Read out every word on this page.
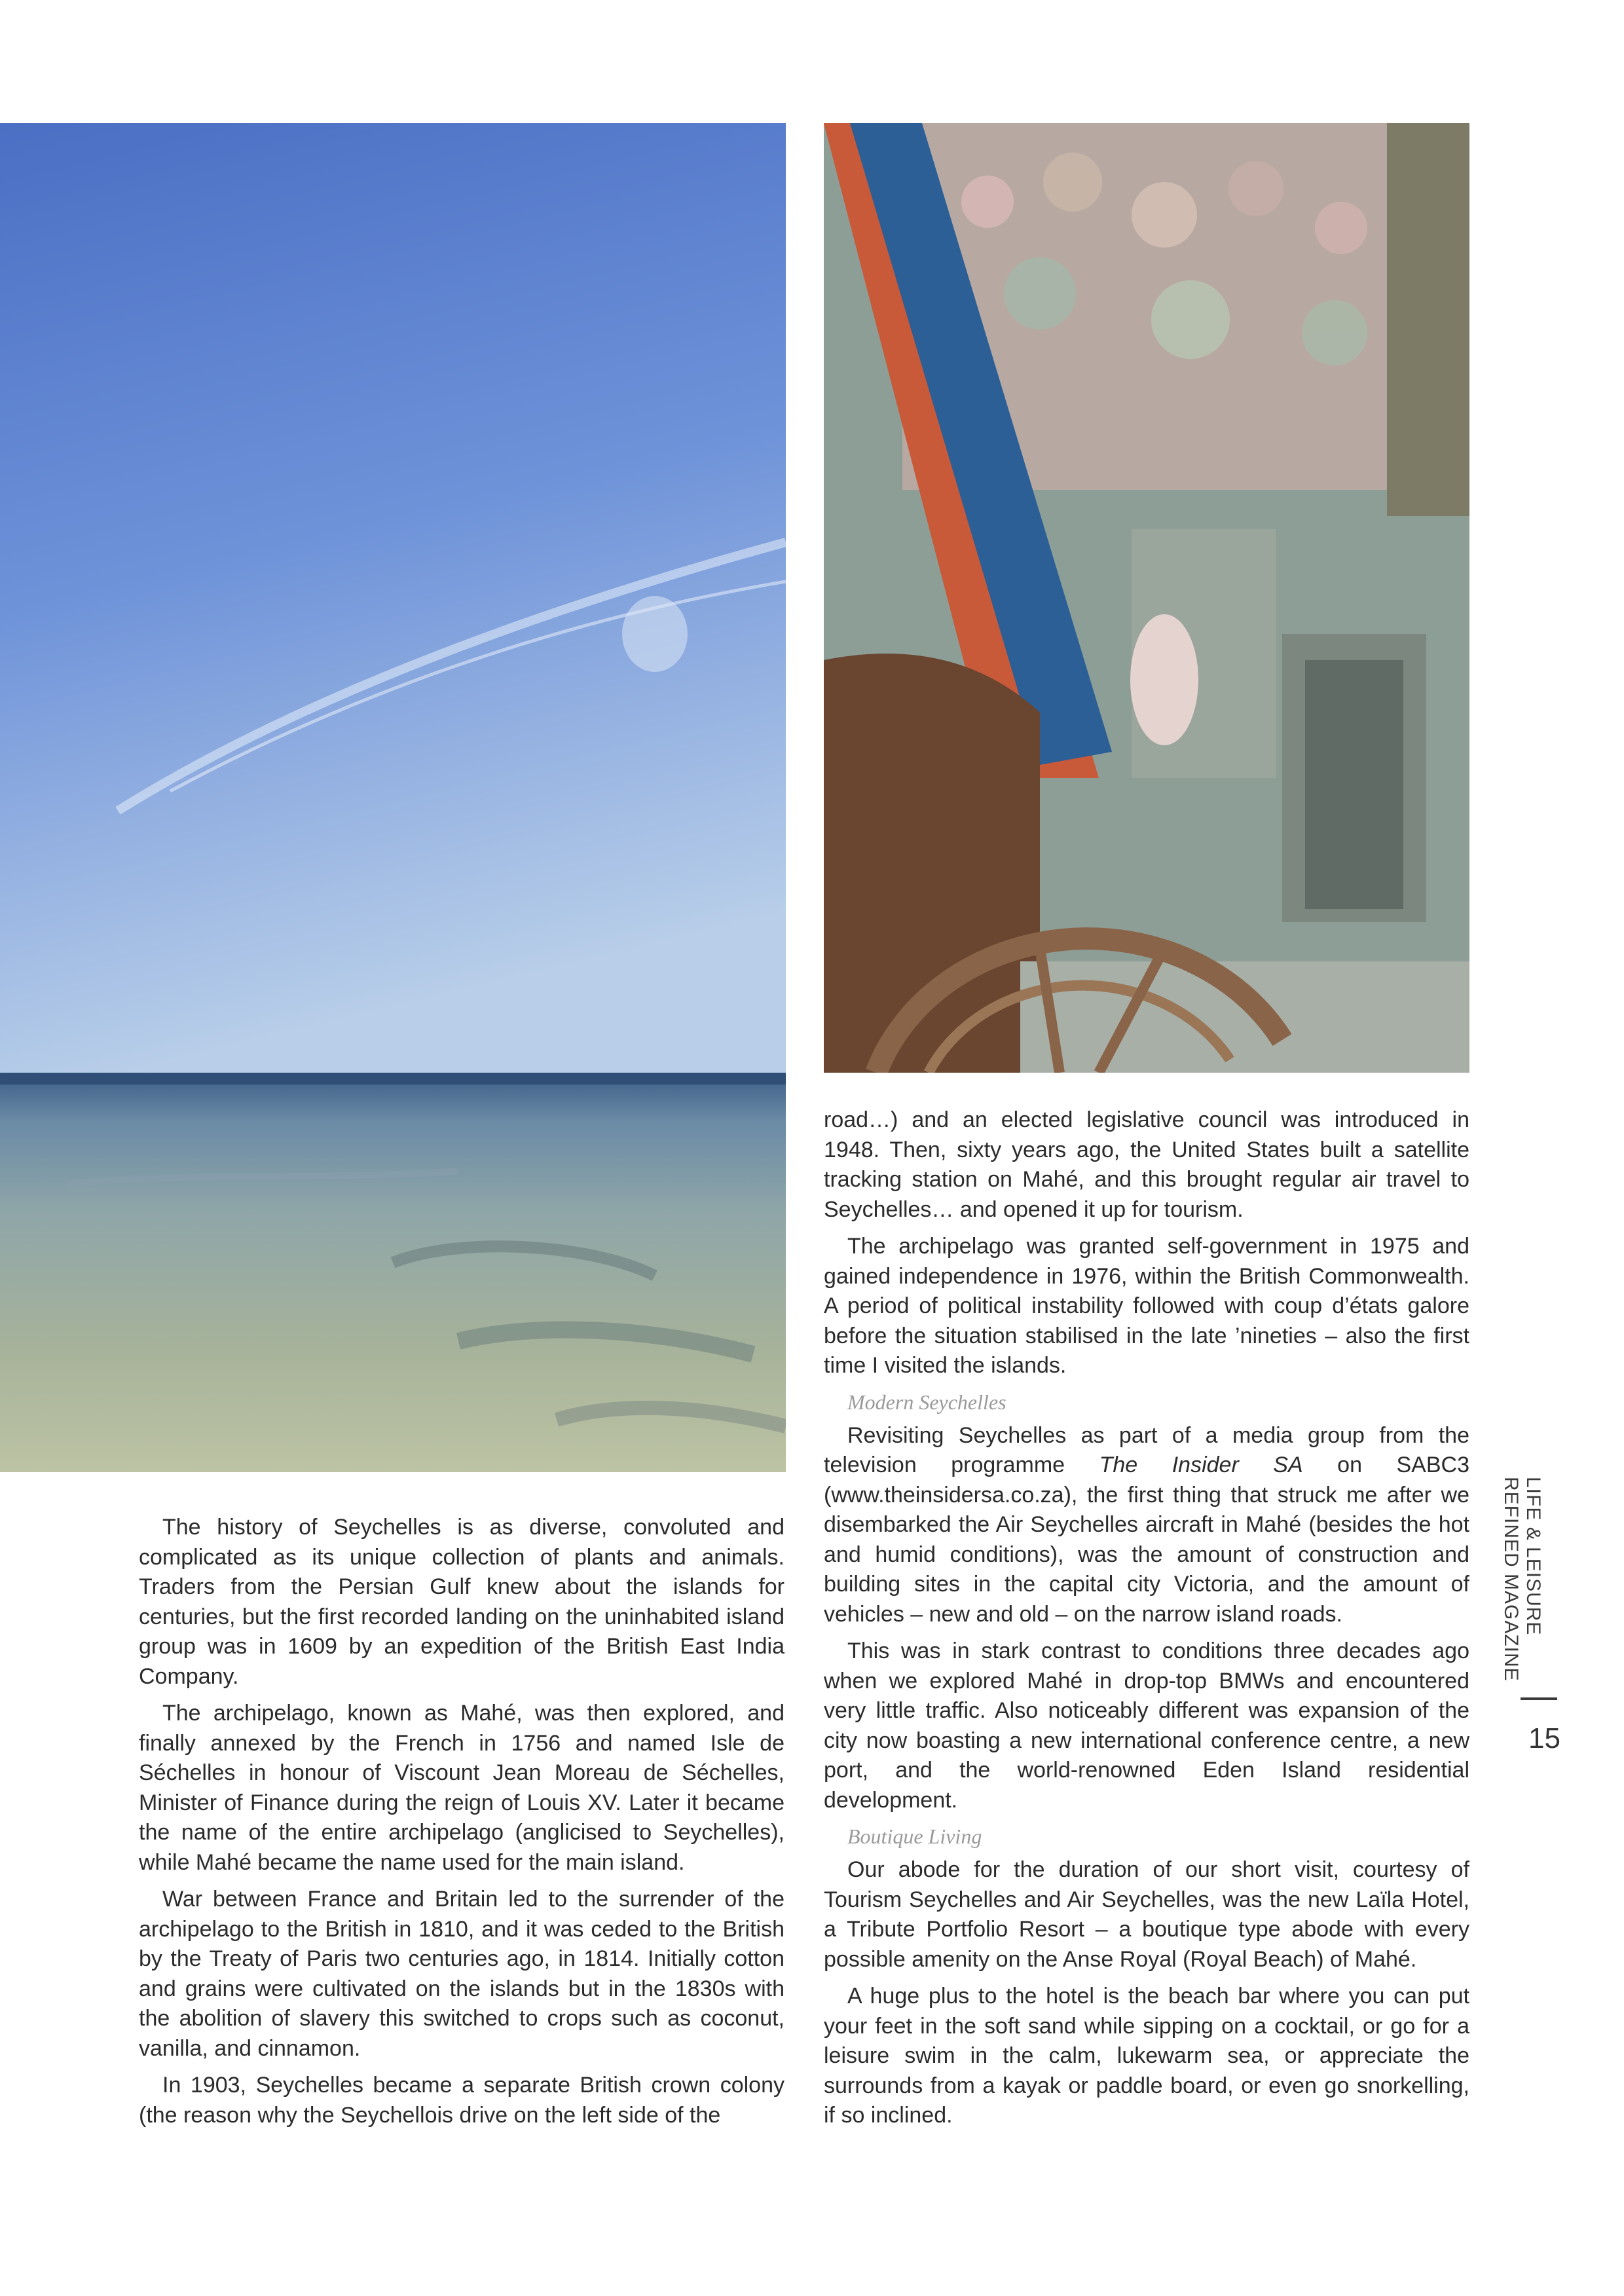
The history of Seychelles is as diverse, convoluted and complicated as its unique collection of plants and animals. Traders from the Persian Gulf knew about the islands for centuries, but the first recorded landing on the uninhabited island group was in 1609 by an expedition of the British East India Company.

The archipelago, known as Mahé, was then explored, and finally annexed by the French in 1756 and named Isle de Séchelles in honour of Viscount Jean Moreau de Séchelles, Minister of Finance during the reign of Louis XV. Later it became the name of the entire archipelago (anglicised to Seychelles), while Mahé became the name used for the main island.

War between France and Britain led to the surrender of the archipelago to the British in 1810, and it was ceded to the British by the Treaty of Paris two centuries ago, in 1814. Initially cotton and grains were cultivated on the islands but in the 1830s with the abolition of slavery this switched to crops such as coconut, vanilla, and cinnamon.

In 1903, Seychelles became a separate British crown colony (the reason why the Seychellois drive on the left side of the

road…) and an elected legislative council was introduced in 1948. Then, sixty years ago, the United States built a satellite tracking station on Mahé, and this brought regular air travel to Seychelles… and opened it up for tourism.

The archipelago was granted self-government in 1975 and gained independence in 1976, within the British Commonwealth. A period of political instability followed with coup d’états galore before the situation stabilised in the late ’nineties – also the first time I visited the islands.

Modern Seychelles

Revisiting Seychelles as part of a media group from the television programme The Insider SA on SABC3 (www.theinsidersa.co.za), the first thing that struck me after we disembarked the Air Seychelles aircraft in Mahé (besides the hot and humid conditions), was the amount of construction and building sites in the capital city Victoria, and the amount of vehicles – new and old – on the narrow island roads.

This was in stark contrast to conditions three decades ago when we explored Mahé in drop-top BMWs and encountered very little traffic. Also noticeably different was expansion of the city now boasting a new international conference centre, a new port, and the world-renowned Eden Island residential development.

Boutique Living

Our abode for the duration of our short visit, courtesy of Tourism Seychelles and Air Seychelles, was the new Laïla Hotel, a Tribute Portfolio Resort – a boutique type abode with every possible amenity on the Anse Royal (Royal Beach) of Mahé.

A huge plus to the hotel is the beach bar where you can put your feet in the soft sand while sipping on a cocktail, or go for a leisure swim in the calm, lukewarm sea, or appreciate the surrounds from a kayak or paddle board, or even go snorkelling, if so inclined.

LIFE & LEISURE
REFINED MAGAZINE
15
